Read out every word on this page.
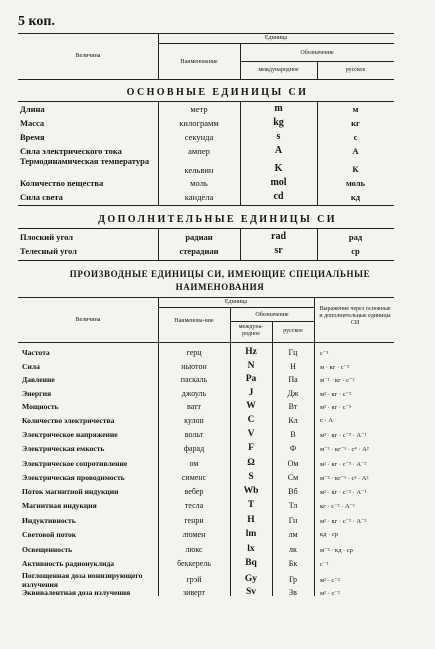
5 коп.
Величина
Единица
Наименование
Обозначение
международное	русское
ОСНОВНЫЕ ЕДИНИЦЫ СИ
Длина	метр	m	м
Масса	килограмм	kg	кг
Время	секунда	s	с
Сила электрического тока	ампер	A	А
Термодинамическая температура
кельвин	K	К
Количество вещества	моль	mol	моль
Сила света	кандела	cd	кд
ДОПОЛНИТЕЛЬНЫЕ ЕДИНИЦЫ СИ
Плоский угол	радиан	rad	рад
Телесный угол	стерадиан	sr	ср
ПРОИЗВОДНЫЕ ЕДИНИЦЫ СИ, ИМЕЮЩИЕ СПЕЦИАЛЬНЫЕ
НАИМЕНОВАНИЯ
Величина
Единица
Наименова-ние
Обозначение
междуна-родное	русское
Выражение через основные и дополнительные единицы СИ
Частота	герц	Hz	Гц	с⁻¹
Сила	ньютон	N	Н	м · кг · с⁻²
Давление	паскаль	Pa	Па	м⁻¹ · кг · с⁻²
Энергия	джоуль	J	Дж	м² · кг · с⁻²
Мощность	ватт	W	Вт	м² · кг · с⁻³
Количество электричества	кулон	C	Кл	с · А
Электрическое напряжение	вольт	V	В	м² · кг · с⁻³ · А⁻¹
Электрическая емкость	фарад	F	Ф	м⁻² · кг⁻¹ · с⁴ · А²
Электрическое сопротивление	ом	Ω	Ом	м² · кг · с⁻³ · А⁻²
Электрическая проводимость	сименс	S	См	м⁻² · кг⁻¹ · с³ · А²
Поток магнитной индукции	вебер	Wb	Вб	м² · кг · с⁻² · А⁻¹
Магнитная индукция	тесла	T	Тл	кг · с⁻² · А⁻¹
Индуктивность	генри	H	Гн	м² · кг · с⁻² · А⁻²
Световой поток	люмен	lm	лм	кд · ср
Освещенность	люкс	lx	лк	м⁻² · кд · ср
Активность радионуклида	беккерель	Bq	Бк	с⁻¹
Поглощенная доза ионизирующего излучения
грэй	Gy	Гр	м² · с⁻²
Эквивалентная доза излучения	зиверт	Sv	Зв	м² · с⁻²
